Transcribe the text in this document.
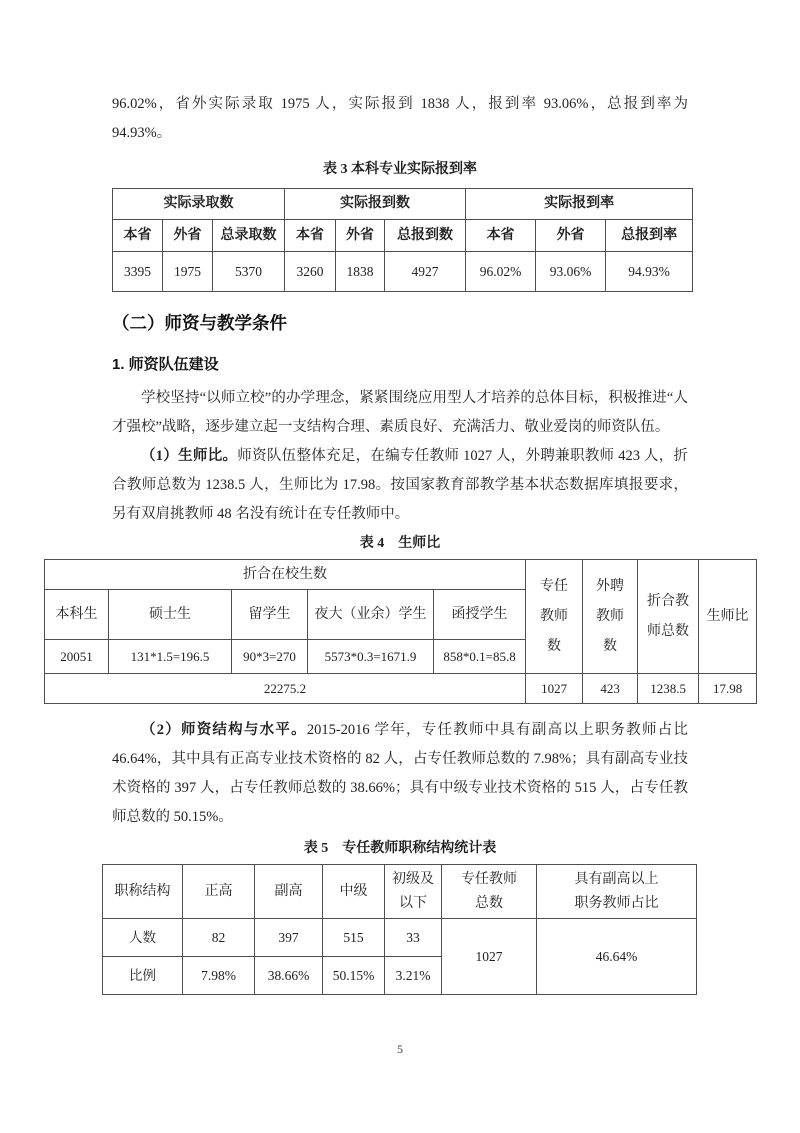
96.02%，省外实际录取 1975 人，实际报到 1838 人，报到率 93.06%，总报到率为 94.93%。

表 3 本科专业实际报到率
实际录取数			实际报到数			实际报到率		
本省	外省	总录取数	本省	外省	总报到数	本省	外省	总报到率
3395	1975	5370	3260	1838	4927	96.02%	93.06%	94.93%
（二）师资与教学条件
1. 师资队伍建设

学校坚持“以师立校”的办学理念，紧紧围绕应用型人才培养的总体目标，积极推进“人才强校”战略，逐步建立起一支结构合理、素质良好、充满活力、敬业爱岗的师资队伍。

（1）生师比。师资队伍整体充足，在编专任教师 1027 人，外聘兼职教师 423 人，折合教师总数为 1238.5 人，生师比为 17.98。按国家教育部教学基本状态数据库填报要求，另有双肩挑教师 48 名没有统计在专任教师中。

表 4　生师比
折合在校生数					专任教师数	外聘教师数	折合教师总数	生师比
本科生	硕士生	留学生	夜大（业余）学生	函授学生				
20051	131*1.5=196.5	90*3=270	5573*0.3=1671.9	858*0.1=85.8				
22275.2					1027	423	1238.5	17.98

（2）师资结构与水平。2015-2016 学年，专任教师中具有副高以上职务教师占比 46.64%，其中具有正高专业技术资格的 82 人，占专任教师总数的 7.98%；具有副高专业技术资格的 397 人，占专任教师总数的 38.66%；具有中级专业技术资格的 515 人，占专任教师总数的 50.15%。

表 5　专任教师职称结构统计表
职称结构	正高	副高	中级	初级及以下	专任教师总数	具有副高以上职务教师占比
人数	82	397	515	33	1027	46.64%
比例	7.98%	38.66%	50.15%	3.21%		
5
